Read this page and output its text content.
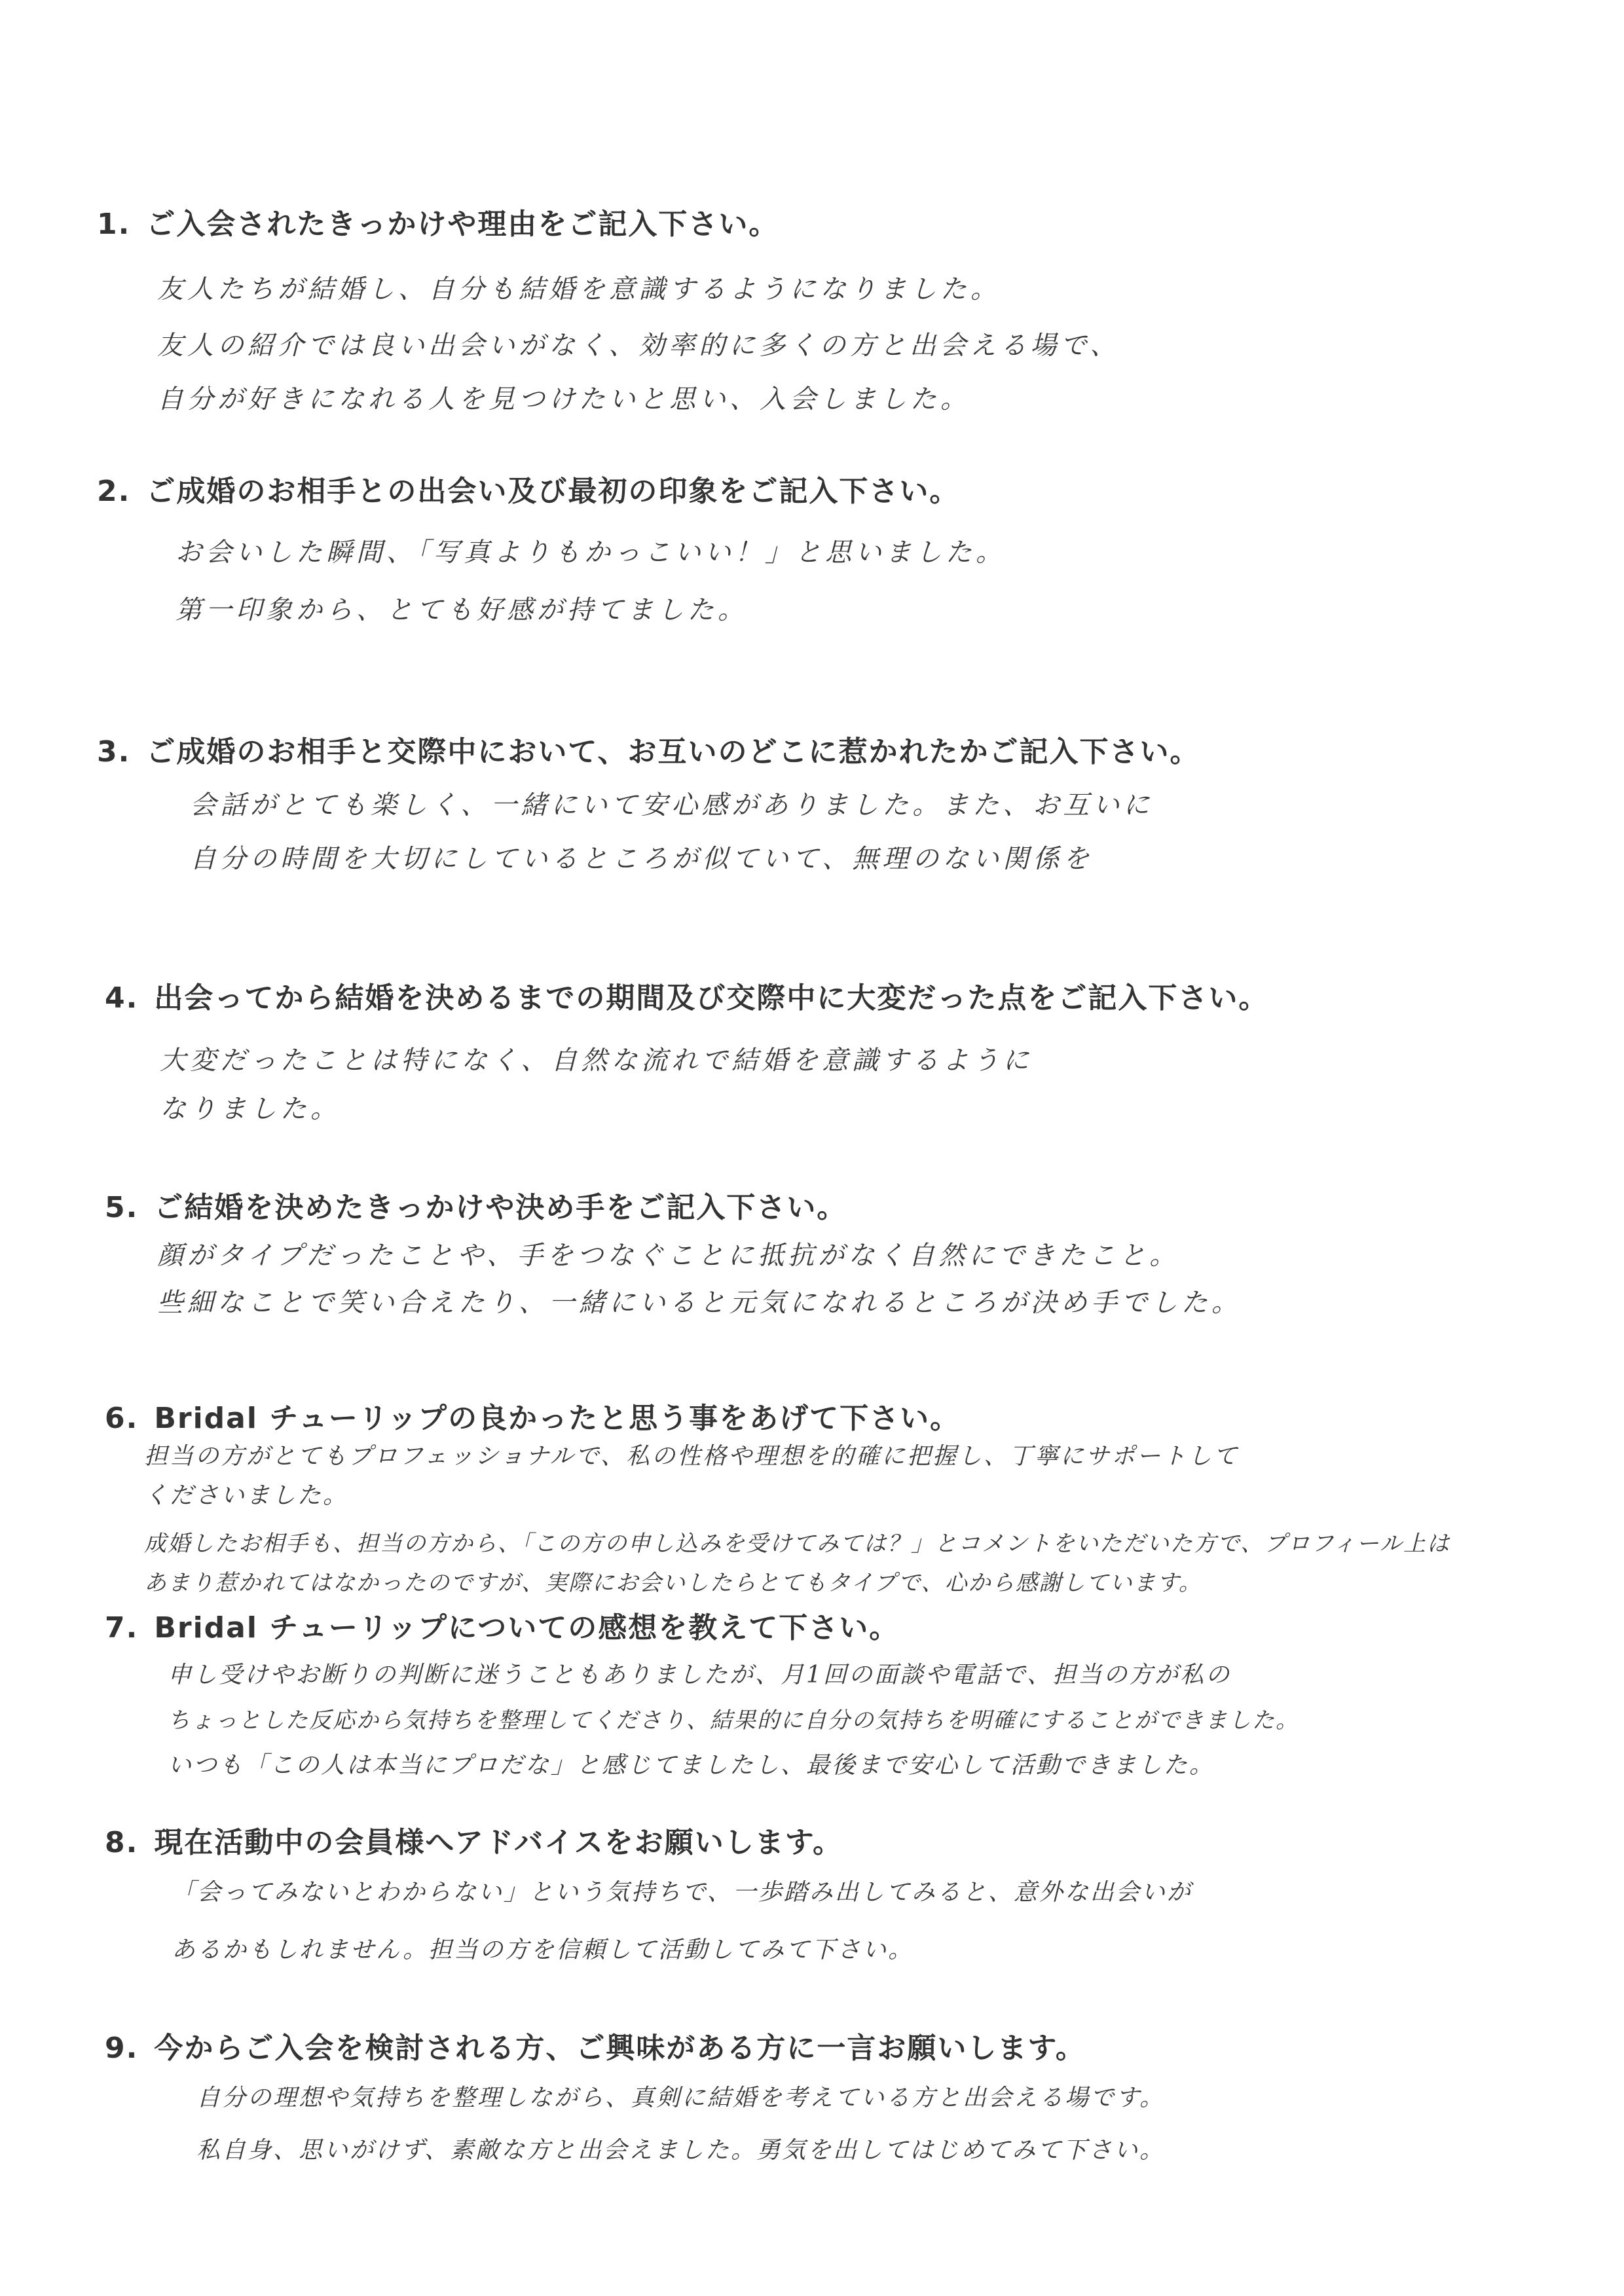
1. ご入会されたきっかけや理由をご記入下さい。
友人たちが結婚し、自分も結婚を意識するようになりました。
友人の紹介では良い出会いがなく、効率的に多くの方と出会える場で、
自分が好きになれる人を見つけたいと思い、入会しました。
2. ご成婚のお相手との出会い及び最初の印象をご記入下さい。
お会いした瞬間、「写真よりもかっこいい！」と思いました。
第一印象から、とても好感が持てました。
3. ご成婚のお相手と交際中において、お互いのどこに惹かれたかご記入下さい。
会話がとても楽しく、一緒にいて安心感がありました。また、お互いに
自分の時間を大切にしているところが似ていて、無理のない関係を
4. 出会ってから結婚を決めるまでの期間及び交際中に大変だった点をご記入下さい。
大変だったことは特になく、自然な流れで結婚を意識するように
なりました。
5. ご結婚を決めたきっかけや決め手をご記入下さい。
顔がタイプだったことや、手をつなぐことに抵抗がなく自然にできたこと。
些細なことで笑い合えたり、一緒にいると元気になれるところが決め手でした。
6. Bridal チューリップの良かったと思う事をあげて下さい。
担当の方がとてもプロフェッショナルで、私の性格や理想を的確に把握し、丁寧にサポートして
くださいました。
成婚したお相手も、担当の方から、「この方の申し込みを受けてみては？」とコメントをいただいた方で、プロフィール上は
あまり惹かれてはなかったのですが、実際にお会いしたらとてもタイプで、心から感謝しています。
7. Bridal チューリップについての感想を教えて下さい。
申し受けやお断りの判断に迷うこともありましたが、月1回の面談や電話で、担当の方が私の
ちょっとした反応から気持ちを整理してくださり、結果的に自分の気持ちを明確にすることができました。
いつも「この人は本当にプロだな」と感じてましたし、最後まで安心して活動できました。
8. 現在活動中の会員様へアドバイスをお願いします。
「会ってみないとわからない」という気持ちで、一歩踏み出してみると、意外な出会いが
あるかもしれません。担当の方を信頼して活動してみて下さい。
9. 今からご入会を検討される方、ご興味がある方に一言お願いします。
自分の理想や気持ちを整理しながら、真剣に結婚を考えている方と出会える場です。
私自身、思いがけず、素敵な方と出会えました。勇気を出してはじめてみて下さい。
